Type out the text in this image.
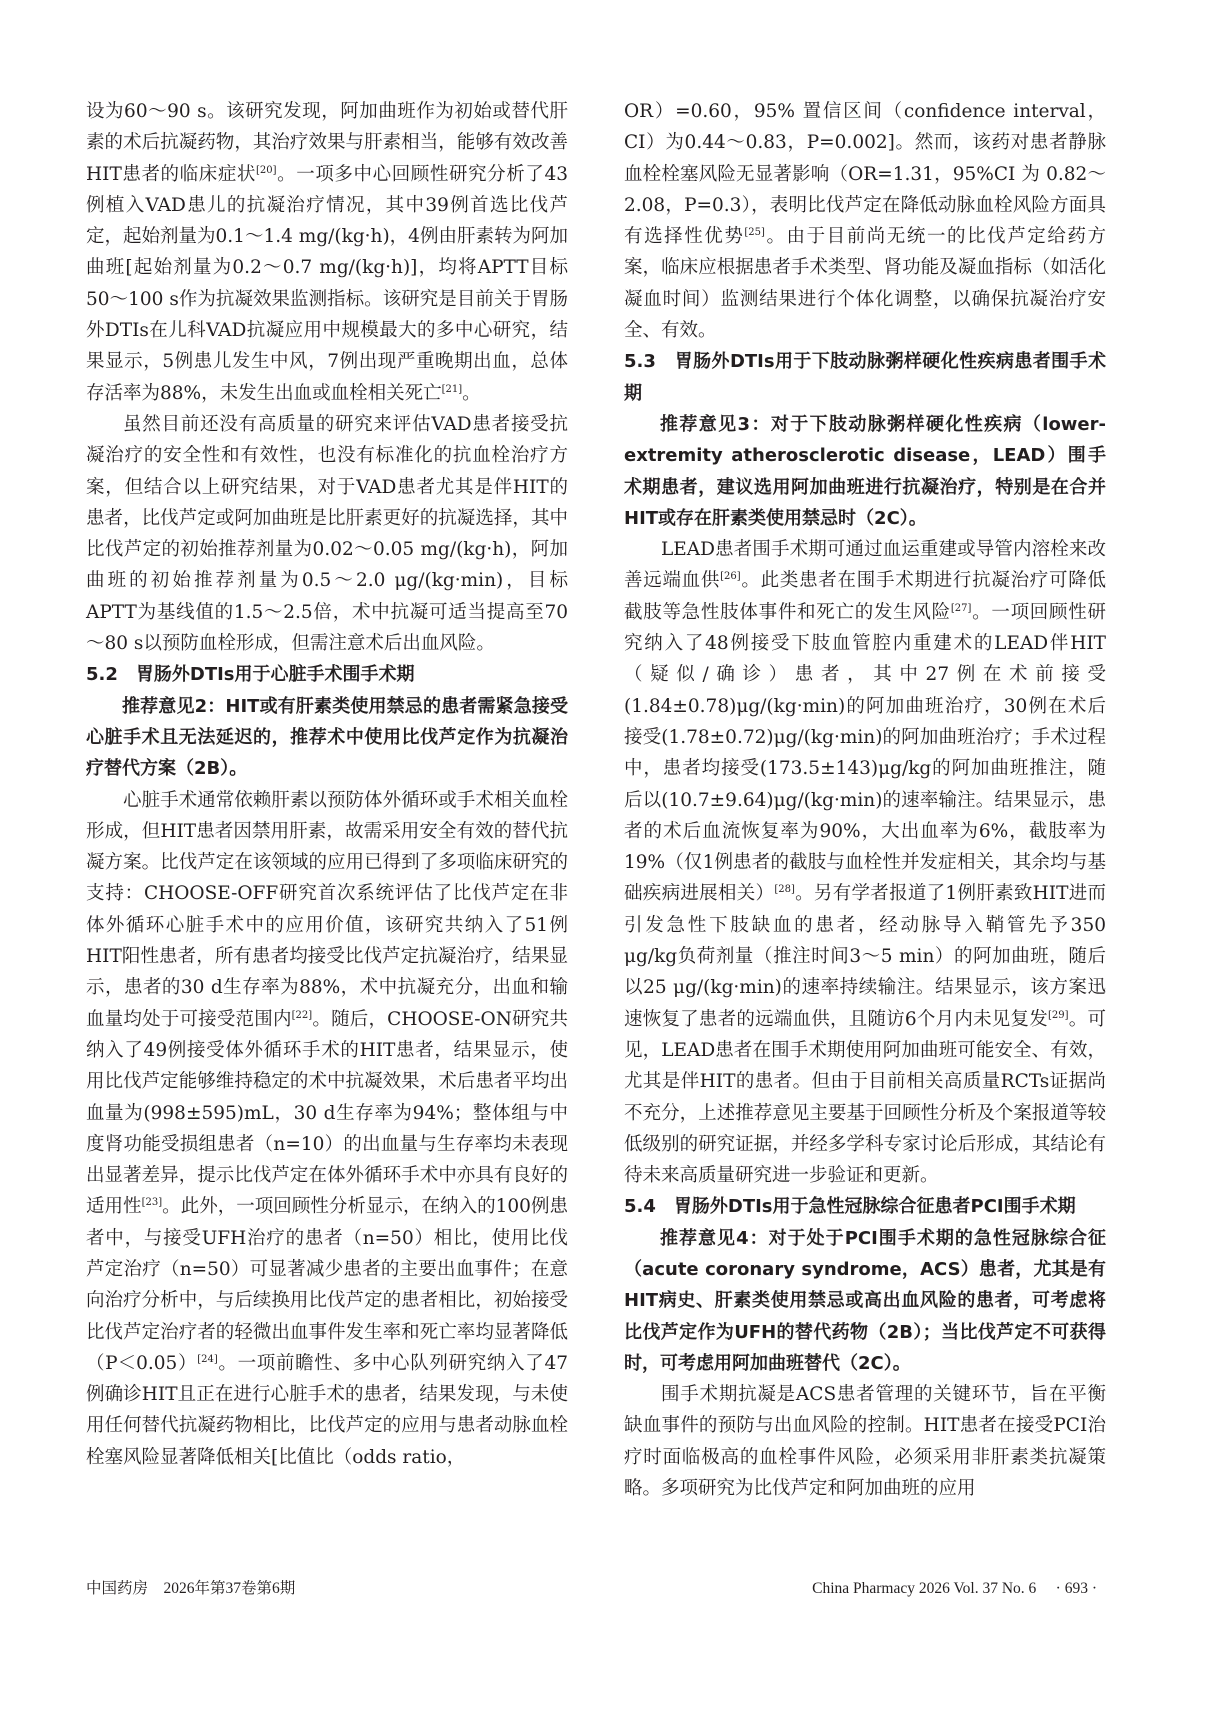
设为60～90 s。该研究发现，阿加曲班作为初始或替代肝素的术后抗凝药物，其治疗效果与肝素相当，能够有效改善HIT患者的临床症状[20]。一项多中心回顾性研究分析了43例植入VAD患儿的抗凝治疗情况，其中39例首选比伐芦定，起始剂量为0.1～1.4 mg/(kg·h)，4例由肝素转为阿加曲班[起始剂量为0.2～0.7 mg/(kg·h)]，均将APTT目标50～100 s作为抗凝效果监测指标。该研究是目前关于胃肠外DTIs在儿科VAD抗凝应用中规模最大的多中心研究，结果显示，5例患儿发生中风，7例出现严重晚期出血，总体存活率为88%，未发生出血或血栓相关死亡[21]。

虽然目前还没有高质量的研究来评估VAD患者接受抗凝治疗的安全性和有效性，也没有标准化的抗血栓治疗方案，但结合以上研究结果，对于VAD患者尤其是伴HIT的患者，比伐芦定或阿加曲班是比肝素更好的抗凝选择，其中比伐芦定的初始推荐剂量为0.02～0.05 mg/(kg·h)，阿加曲班的初始推荐剂量为0.5～2.0 μg/(kg·min)，目标APTT为基线值的1.5～2.5倍，术中抗凝可适当提高至70～80 s以预防血栓形成，但需注意术后出血风险。

5.2　胃肠外DTIs用于心脏手术围手术期

推荐意见2：HIT或有肝素类使用禁忌的患者需紧急接受心脏手术且无法延迟的，推荐术中使用比伐芦定作为抗凝治疗替代方案（2B）。

心脏手术通常依赖肝素以预防体外循环或手术相关血栓形成，但HIT患者因禁用肝素，故需采用安全有效的替代抗凝方案。比伐芦定在该领域的应用已得到了多项临床研究的支持：CHOOSE-OFF研究首次系统评估了比伐芦定在非体外循环心脏手术中的应用价值，该研究共纳入了51例HIT阳性患者，所有患者均接受比伐芦定抗凝治疗，结果显示，患者的30 d生存率为88%，术中抗凝充分，出血和输血量均处于可接受范围内[22]。随后，CHOOSE-ON研究共纳入了49例接受体外循环手术的HIT患者，结果显示，使用比伐芦定能够维持稳定的术中抗凝效果，术后患者平均出血量为(998±595)mL，30 d生存率为94%；整体组与中度肾功能受损组患者（n=10）的出血量与生存率均未表现出显著差异，提示比伐芦定在体外循环手术中亦具有良好的适用性[23]。此外，一项回顾性分析显示，在纳入的100例患者中，与接受UFH治疗的患者（n=50）相比，使用比伐芦定治疗（n=50）可显著减少患者的主要出血事件；在意向治疗分析中，与后续换用比伐芦定的患者相比，初始接受比伐芦定治疗者的轻微出血事件发生率和死亡率均显著降低（P＜0.05）[24]。一项前瞻性、多中心队列研究纳入了47例确诊HIT且正在进行心脏手术的患者，结果发现，与未使用任何替代抗凝药物相比，比伐芦定的应用与患者动脉血栓栓塞风险显著降低相关[比值比（odds ratio，

OR）=0.60，95% 置信区间（confidence interval，CI）为0.44～0.83，P=0.002]。然而，该药对患者静脉血栓栓塞风险无显著影响（OR=1.31，95%CI 为 0.82～2.08，P=0.3），表明比伐芦定在降低动脉血栓风险方面具有选择性优势[25]。由于目前尚无统一的比伐芦定给药方案，临床应根据患者手术类型、肾功能及凝血指标（如活化凝血时间）监测结果进行个体化调整，以确保抗凝治疗安全、有效。

5.3　胃肠外DTIs用于下肢动脉粥样硬化性疾病患者围手术期

推荐意见3：对于下肢动脉粥样硬化性疾病（lower-extremity atherosclerotic disease，LEAD）围手术期患者，建议选用阿加曲班进行抗凝治疗，特别是在合并HIT或存在肝素类使用禁忌时（2C）。

LEAD患者围手术期可通过血运重建或导管内溶栓来改善远端血供[26]。此类患者在围手术期进行抗凝治疗可降低截肢等急性肢体事件和死亡的发生风险[27]。一项回顾性研究纳入了48例接受下肢血管腔内重建术的LEAD伴HIT（疑似/确诊）患者，其中27例在术前接受(1.84±0.78)μg/(kg·min)的阿加曲班治疗，30例在术后接受(1.78±0.72)μg/(kg·min)的阿加曲班治疗；手术过程中，患者均接受(173.5±143)μg/kg的阿加曲班推注，随后以(10.7±9.64)μg/(kg·min)的速率输注。结果显示，患者的术后血流恢复率为90%，大出血率为6%，截肢率为19%（仅1例患者的截肢与血栓性并发症相关，其余均与基础疾病进展相关）[28]。另有学者报道了1例肝素致HIT进而引发急性下肢缺血的患者，经动脉导入鞘管先予350 μg/kg负荷剂量（推注时间3～5 min）的阿加曲班，随后以25 μg/(kg·min)的速率持续输注。结果显示，该方案迅速恢复了患者的远端血供，且随访6个月内未见复发[29]。可见，LEAD患者在围手术期使用阿加曲班可能安全、有效，尤其是伴HIT的患者。但由于目前相关高质量RCTs证据尚不充分，上述推荐意见主要基于回顾性分析及个案报道等较低级别的研究证据，并经多学科专家讨论后形成，其结论有待未来高质量研究进一步验证和更新。

5.4　胃肠外DTIs用于急性冠脉综合征患者PCI围手术期

推荐意见4：对于处于PCI围手术期的急性冠脉综合征（acute coronary syndrome，ACS）患者，尤其是有HIT病史、肝素类使用禁忌或高出血风险的患者，可考虑将比伐芦定作为UFH的替代药物（2B）；当比伐芦定不可获得时，可考虑用阿加曲班替代（2C）。

围手术期抗凝是ACS患者管理的关键环节，旨在平衡缺血事件的预防与出血风险的控制。HIT患者在接受PCI治疗时面临极高的血栓事件风险，必须采用非肝素类抗凝策略。多项研究为比伐芦定和阿加曲班的应用

中国药房　2026年第37卷第6期	China Pharmacy 2026 Vol. 37 No. 6　 · 693 ·
